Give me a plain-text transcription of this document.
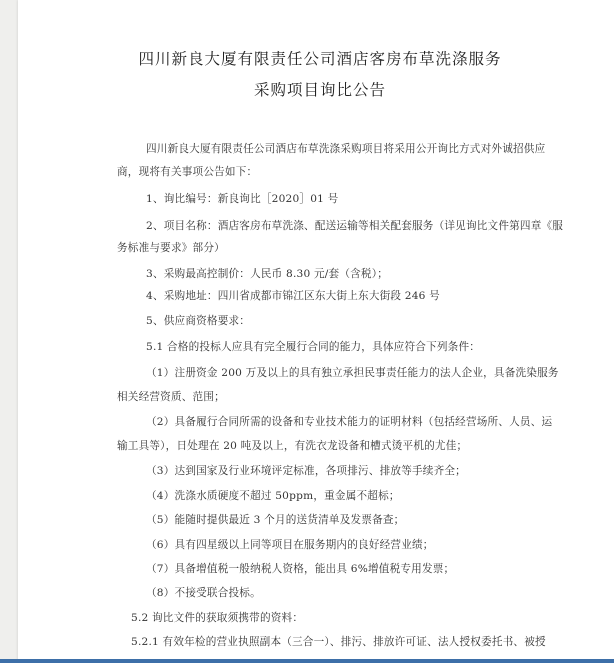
四川新良大厦有限责任公司酒店客房布草洗涤服务
采购项目询比公告
四川新良大厦有限责任公司酒店布草洗涤采购项目将采用公开询比方式对外诚招供应
商，现将有关事项公告如下：
1、询比编号：新良询比［2020］01 号
2、项目名称：酒店客房布草洗涤、配送运输等相关配套服务（详见询比文件第四章《服
务标准与要求》部分）
3、采购最高控制价：人民币 8.30 元/套（含税）；
4、采购地址：四川省成都市锦江区东大街上东大街段 246 号
5、供应商资格要求：
5.1 合格的投标人应具有完全履行合同的能力，具体应符合下列条件：
（1）注册资金 200 万及以上的具有独立承担民事责任能力的法人企业，具备洗染服务
相关经营资质、范围；
（2）具备履行合同所需的设备和专业技术能力的证明材料（包括经营场所、人员、运
输工具等），日处理在 20 吨及以上，有洗衣龙设备和槽式烫平机的尤佳；
（3）达到国家及行业环境评定标准，各项排污、排放等手续齐全；
（4）洗涤水质硬度不超过 50ppm，重金属不超标；
（5）能随时提供最近 3 个月的送货清单及发票备查；
（6）具有四星级以上同等项目在服务期内的良好经营业绩；
（7）具备增值税一般纳税人资格，能出具 6%增值税专用发票；
（8）不接受联合投标。
5.2 询比文件的获取须携带的资料：
5.2.1 有效年检的营业执照副本（三合一）、排污、排放许可证、法人授权委托书、被授
